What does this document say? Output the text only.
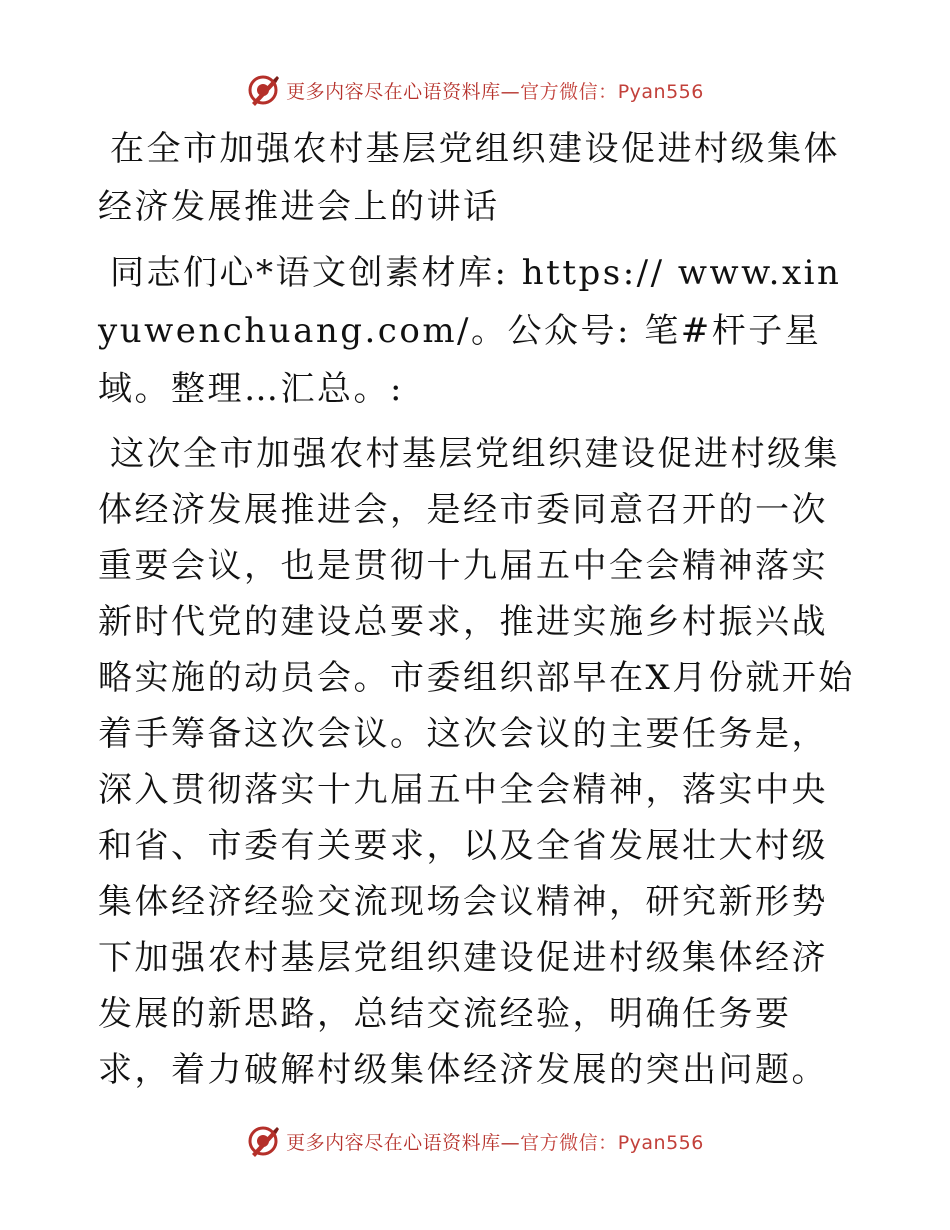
更多内容尽在心语资料库—官方微信：Pyan556

在全市加强农村基层党组织建设促进村级集体经济发展推进会上的讲话

同志们心*语文创素材库: https:// www.xinyuwenchuang.com/。公众号: 笔#杆子星域。整理…汇总。:

这次全市加强农村基层党组织建设促进村级集体经济发展推进会，是经市委同意召开的一次重要会议，也是贯彻十九届五中全会精神落实新时代党的建设总要求，推进实施乡村振兴战略实施的动员会。市委组织部早在X月份就开始着手筹备这次会议。这次会议的主要任务是，深入贯彻落实十九届五中全会精神，落实中央和省、市委有关要求，以及全省发展壮大村级集体经济经验交流现场会议精神，研究新形势下加强农村基层党组织建设促进村级集体经济发展的新思路，总结交流经验，明确任务要求，着力破解村级集体经济发展的突出问题。

更多内容尽在心语资料库—官方微信：Pyan556
